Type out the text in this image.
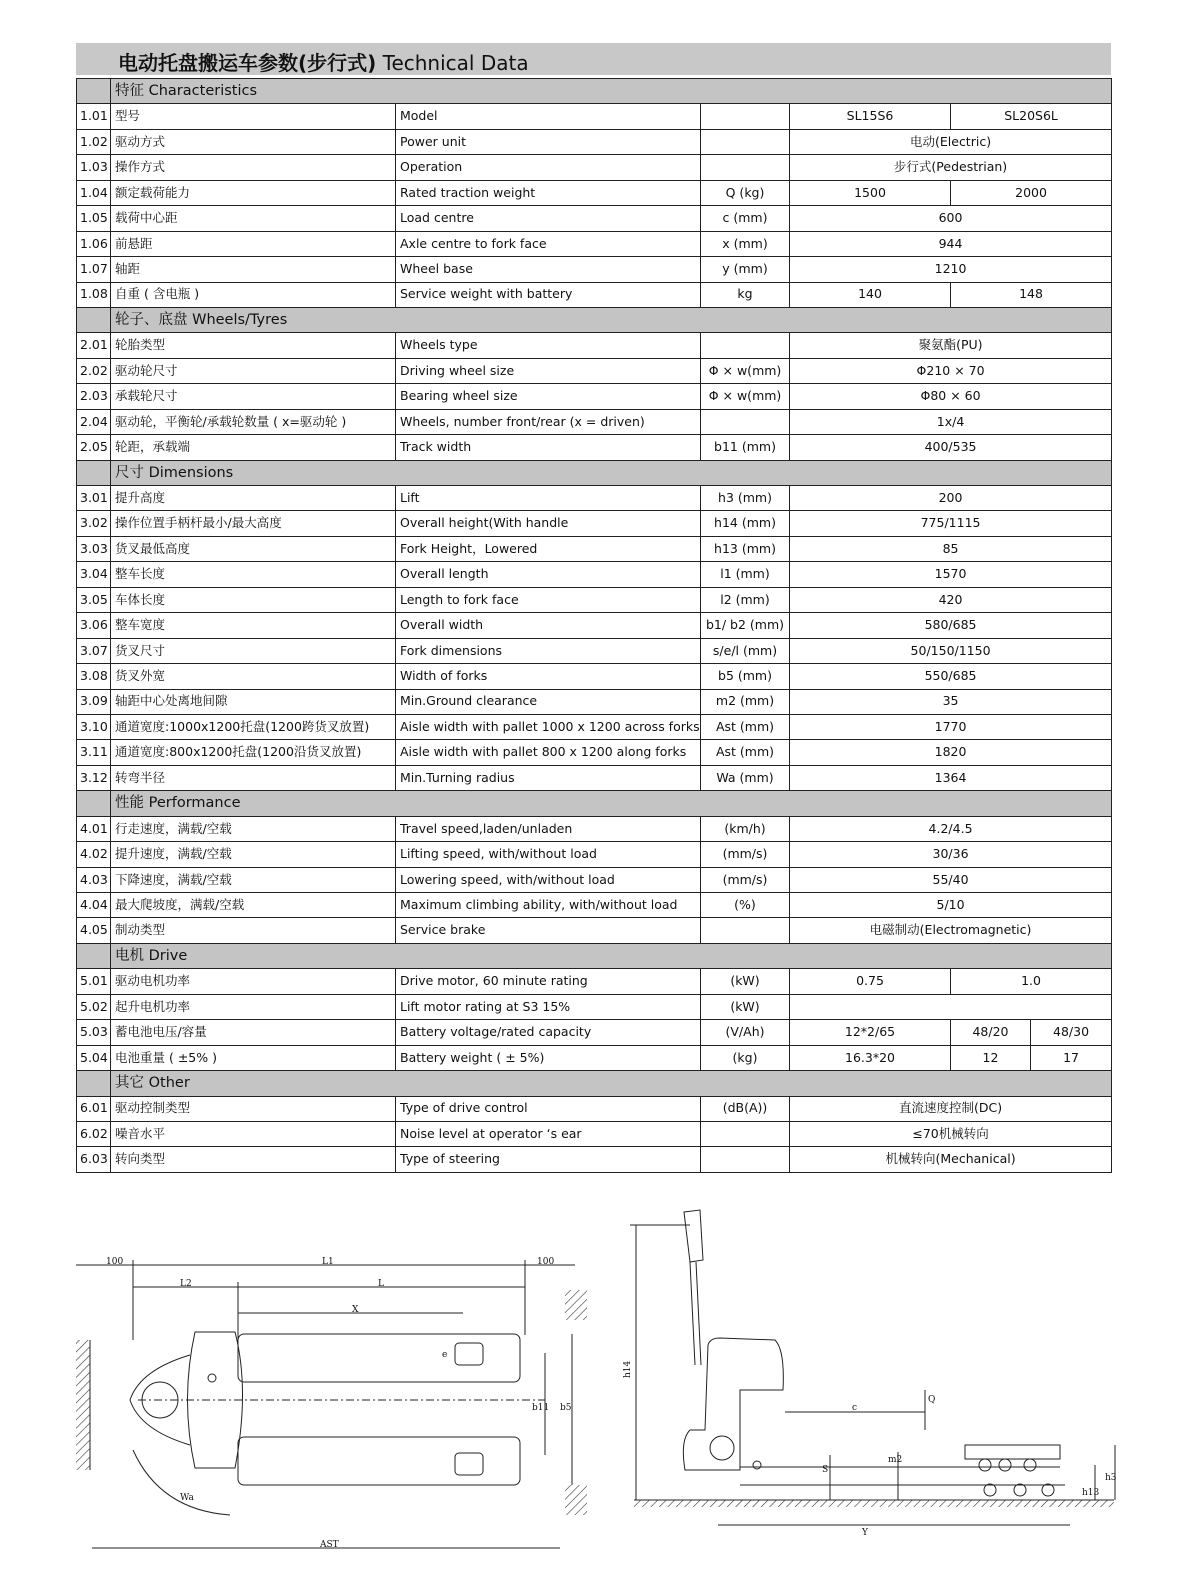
电动托盘搬运车参数(步行式) Technical Data
	特征 Characteristics					
1.01	型号	Model		SL15S6	SL20S6L	
1.02	驱动方式	Power unit		电动(Electric)		
1.03	操作方式	Operation		步行式(Pedestrian)		
1.04	额定载荷能力	Rated traction weight	Q (kg)	1500	2000	
1.05	载荷中心距	Load centre	c (mm)	600		
1.06	前悬距	Axle centre to fork face	x (mm)	944		
1.07	轴距	Wheel base	y (mm)	1210		
1.08	自重 ( 含电瓶 )	Service weight with battery	kg	140	148	
	轮子、底盘 Wheels/Tyres					
2.01	轮胎类型	Wheels type		聚氨酯(PU)		
2.02	驱动轮尺寸	Driving wheel size	Φ × w(mm)	Φ210 × 70		
2.03	承载轮尺寸	Bearing wheel size	Φ × w(mm)	Φ80 × 60		
2.04	驱动轮，平衡轮/承载轮数量 ( x=驱动轮 )	Wheels, number front/rear (x = driven)		1x/4		
2.05	轮距，承载端	Track width	b11 (mm)	400/535		
	尺寸 Dimensions					
3.01	提升高度	Lift	h3 (mm)	200		
3.02	操作位置手柄杆最小/最大高度	Overall height(With handle	h14 (mm)	775/1115		
3.03	货叉最低高度	Fork Height，Lowered	h13 (mm)	85		
3.04	整车长度	Overall length	l1 (mm)	1570		
3.05	车体长度	Length to fork face	l2 (mm)	420		
3.06	整车宽度	Overall width	b1/ b2 (mm)	580/685		
3.07	货叉尺寸	Fork dimensions	s/e/l (mm)	50/150/1150		
3.08	货叉外宽	Width of forks	b5 (mm)	550/685		
3.09	轴距中心处离地间隙	Min.Ground clearance	m2 (mm)	35		
3.10	通道宽度:1000x1200托盘(1200跨货叉放置)	Aisle width with pallet 1000 x 1200 across forks	Ast (mm)	1770		
3.11	通道宽度:800x1200托盘(1200沿货叉放置)	Aisle width with pallet 800 x 1200 along forks	Ast (mm)	1820		
3.12	转弯半径	Min.Turning radius	Wa (mm)	1364		
	性能 Performance					
4.01	行走速度，满载/空载	Travel speed,laden/unladen	(km/h)	4.2/4.5		
4.02	提升速度，满载/空载	Lifting speed, with/without load	(mm/s)	30/36		
4.03	下降速度，满载/空载	Lowering speed, with/without load	(mm/s)	55/40		
4.04	最大爬坡度，满载/空载	Maximum climbing ability, with/without load	(%)	5/10		
4.05	制动类型	Service brake		电磁制动(Electromagnetic)		
	电机 Drive					
5.01	驱动电机功率	Drive motor, 60 minute rating	(kW)	0.75	1.0	
5.02	起升电机功率	Lift motor rating at S3 15%	(kW)			
5.03	蓄电池电压/容量	Battery voltage/rated capacity	(V/Ah)	12*2/65	48/20	48/30
5.04	电池重量 ( ±5% )	Battery weight ( ± 5%)	(kg)	16.3*20	12	17
	其它 Other					
6.01	驱动控制类型	Type of drive control	(dB(A))	直流速度控制(DC)		
6.02	噪音水平	Noise level at operator ‘s ear		≤70机械转向		
6.03	转向类型	Type of steering		机械转向(Mechanical)		
100	L1	100
L2	L
X
e
b11 b5
Wa
AST
h14
c
Q
S
m2
Y
h13
h3
